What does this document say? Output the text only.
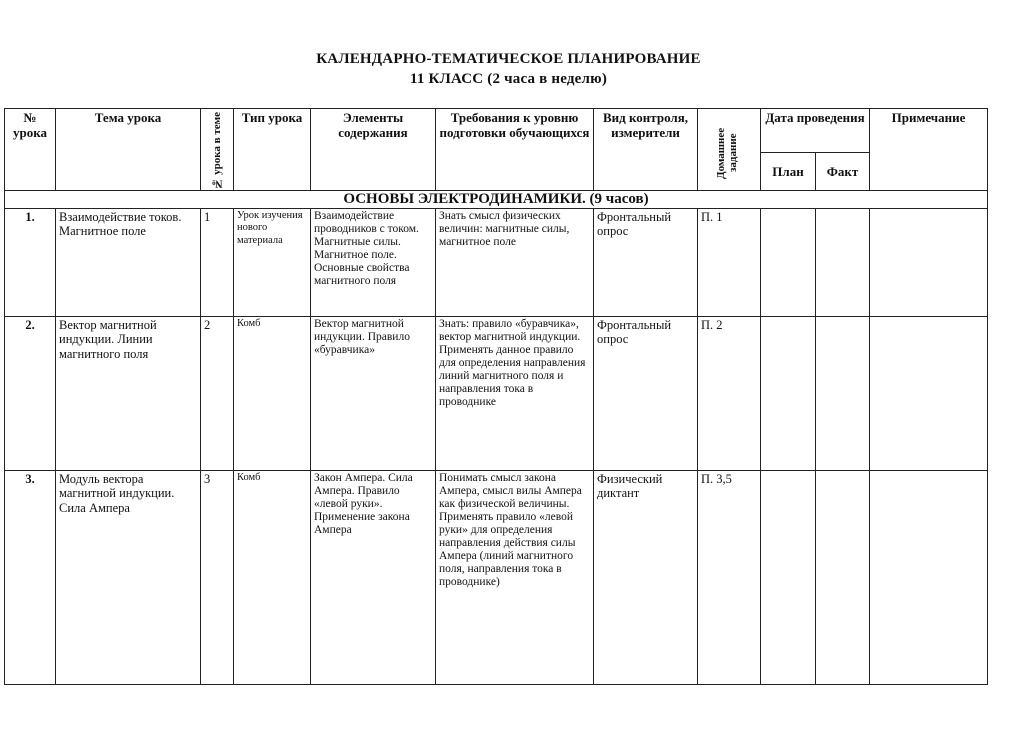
КАЛЕНДАРНО-ТЕМАТИЧЕСКОЕ ПЛАНИРОВАНИЕ
11 КЛАСС (2 часа в неделю)
№ урока	Тема урока	№ урока в теме	Тип урока	Элементы содержания	Требования к уровню подготовки обучающихся	Вид контроля, измерители	Домашнее задание	Дата проведения		Примечание
								План	Факт	
ОСНОВЫ ЭЛЕКТРОДИНАМИКИ. (9 часов)										
1.	Взаимодействие токов. Магнитное поле	1	Урок изучения нового материала	Взаимодействие проводников с током. Магнитные силы. Магнитное поле. Основные свойства магнитного поля	Знать смысл физических величин: магнитные силы, магнитное поле	Фронтальный опрос	П. 1			
2.	Вектор магнитной индукции. Линии магнитного поля	2	Комб	Вектор магнитной индукции. Правило «буравчика»	Знать: правило «буравчика», вектор магнитной индукции. Применять данное правило для определения направления линий магнитного поля и направления тока в проводнике	Фронтальный опрос	П. 2			
3.	Модуль вектора магнитной индукции. Сила Ампера	3	Комб	Закон Ампера. Сила Ампера. Правило «левой руки». Применение закона Ампера	Понимать смысл закона Ампера, смысл вилы Ампера как физической величины. Применять правило «левой руки» для определения направления действия силы Ампера (линий магнитного поля, направления тока в проводнике)	Физический диктант	П. 3,5			
